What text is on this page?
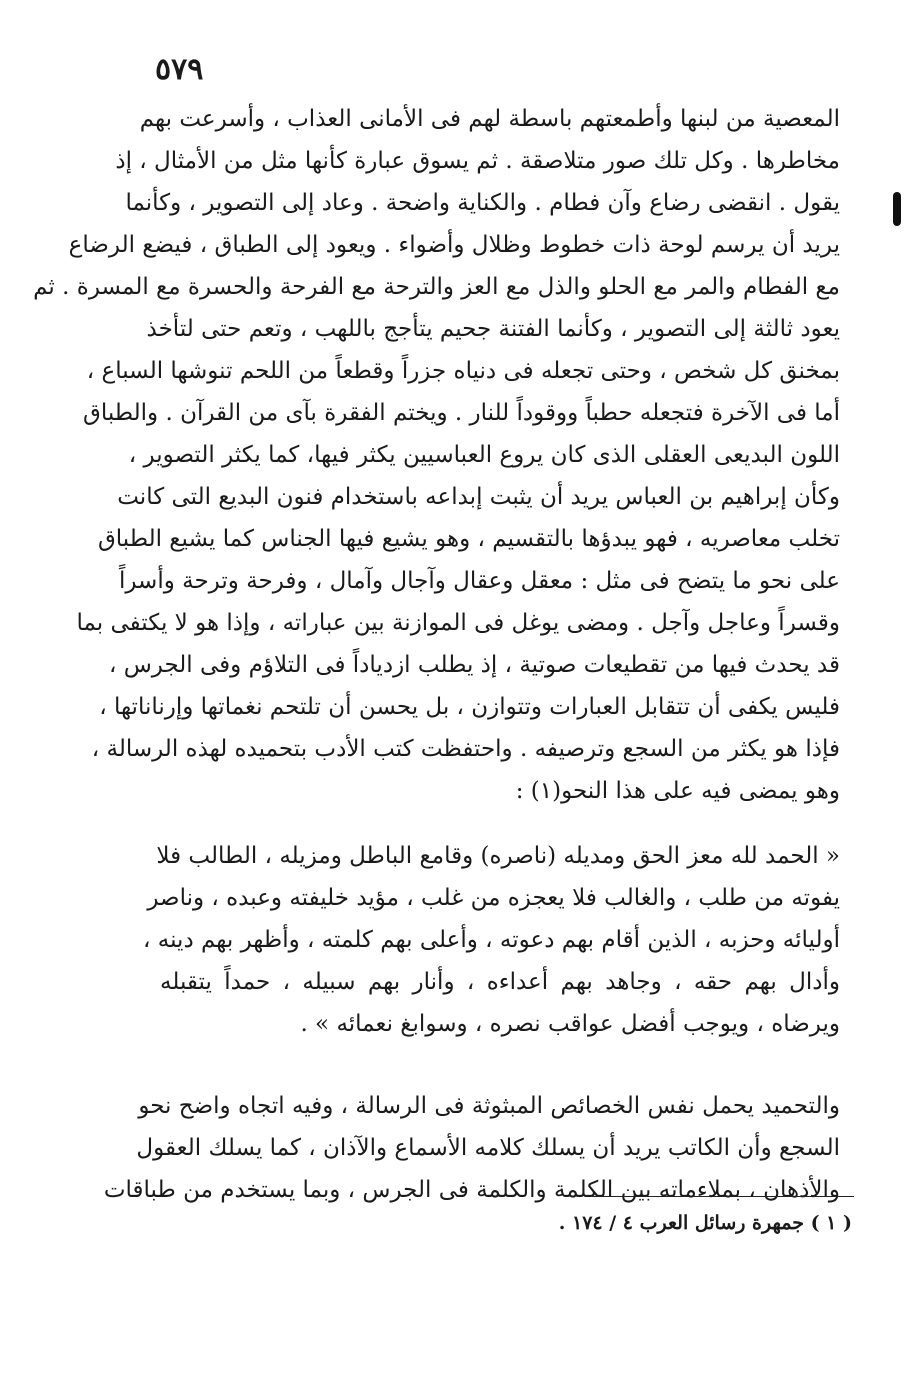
٥٧٩
المعصية من لبنها وأطمعتهم باسطة لهم فى الأمانى العذاب ، وأسرعت بهم
مخاطرها . وكل تلك صور متلاصقة . ثم يسوق عبارة كأنها مثل من الأمثال ، إذ
يقول . انقضى رضاع وآن فطام . والكناية واضحة . وعاد إلى التصوير ، وكأنما
يريد أن يرسم لوحة ذات خطوط وظلال وأضواء . ويعود إلى الطباق ، فيضع الرضاع
مع الفطام والمر مع الحلو والذل مع العز والترحة مع الفرحة والحسرة مع المسرة . ثم
يعود ثالثة إلى التصوير ، وكأنما الفتنة جحيم يتأجج باللهب ، وتعم حتى لتأخذ
بمخنق كل شخص ، وحتى تجعله فى دنياه جزراً وقطعاً من اللحم تنوشها السباع ،
أما فى الآخرة فتجعله حطباً ووقوداً للنار . ويختم الفقرة بآى من القرآن . والطباق
اللون البديعى العقلى الذى كان يروع العباسيين يكثر فيها، كما يكثر التصوير ،
وكأن إبراهيم بن العباس يريد أن يثبت إبداعه باستخدام فنون البديع التى كانت
تخلب معاصريه ، فهو يبدؤها بالتقسيم ، وهو يشيع فيها الجناس كما يشيع الطباق
على نحو ما يتضح فى مثل : معقل وعقال وآجال وآمال ، وفرحة وترحة وأسراً
وقسراً وعاجل وآجل . ومضى يوغل فى الموازنة بين عباراته ، وإذا هو لا يكتفى بما
قد يحدث فيها من تقطيعات صوتية ، إذ يطلب ازدياداً فى التلاؤم وفى الجرس ،
فليس يكفى أن تتقابل العبارات وتتوازن ، بل يحسن أن تلتحم نغماتها وإرناناتها ،
فإذا هو يكثر من السجع وترصيفه . واحتفظت كتب الأدب بتحميده لهذه الرسالة ،
وهو يمضى فيه على هذا النحو(١) :
« الحمد لله معز الحق ومديله (ناصره) وقامع الباطل ومزيله ، الطالب فلا
يفوته من طلب ، والغالب فلا يعجزه من غلب ، مؤيد خليفته وعبده ، وناصر
أوليائه وحزبه ، الذين أقام بهم دعوته ، وأعلى بهم كلمته ، وأظهر بهم دينه ،
وأدال بهم حقه ، وجاهد بهم أعداءه ، وأنار بهم سبيله ، حمداً يتقبله
ويرضاه ، ويوجب أفضل عواقب نصره ، وسوابغ نعمائه » .
والتحميد يحمل نفس الخصائص المبثوثة فى الرسالة ، وفيه اتجاه واضح نحو
السجع وأن الكاتب يريد أن يسلك كلامه الأسماع والآذان ، كما يسلك العقول
والأذهان ، بملاءماته بين الكلمة والكلمة فى الجرس ، وبما يستخدم من طباقات
( ١ ) جمهرة رسائل العرب ٤ / ١٧٤ .
